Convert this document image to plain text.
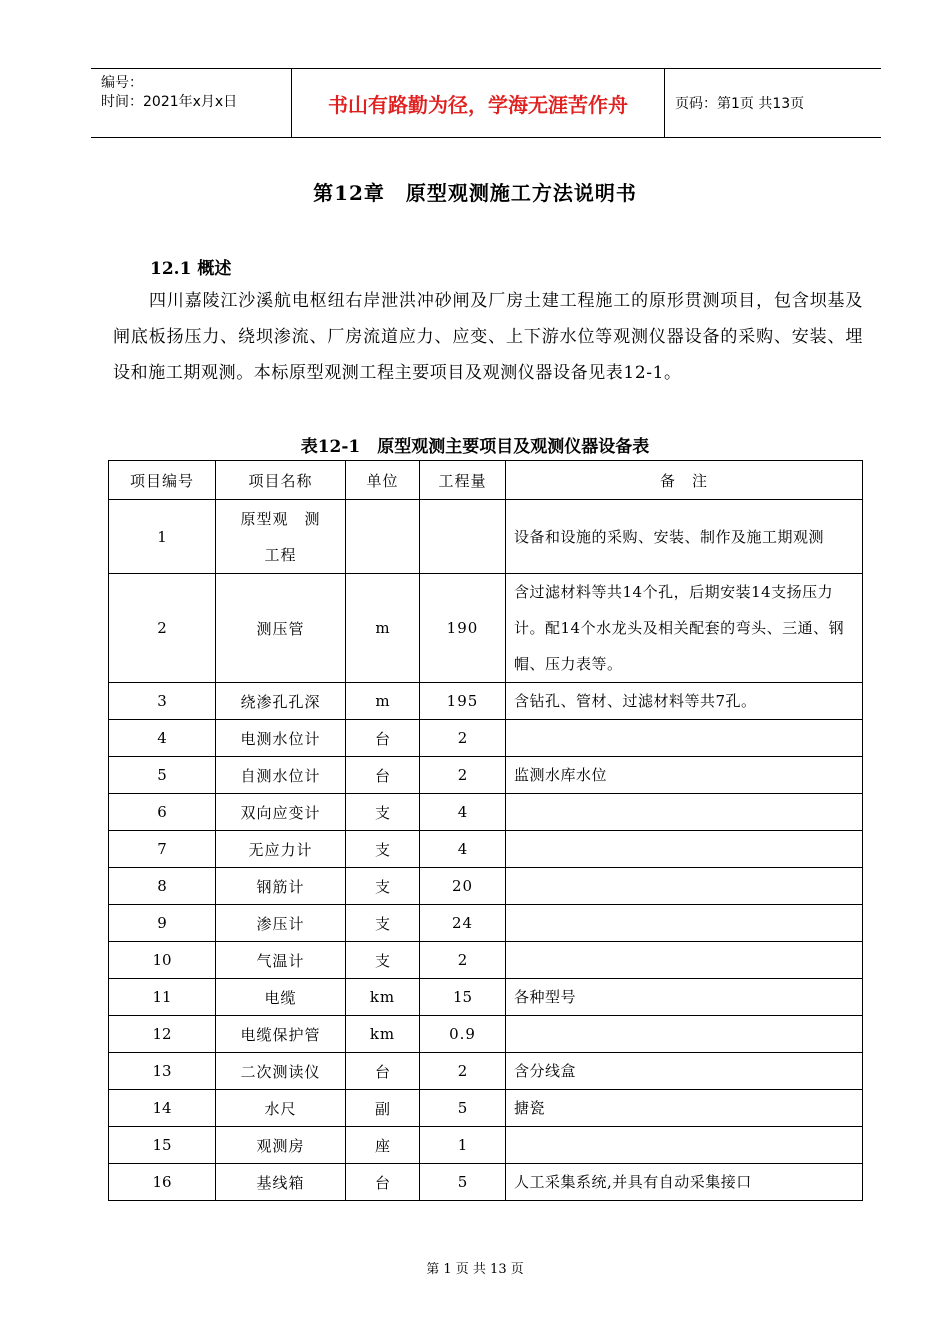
编号：
时间：2021年x月x日	书山有路勤为径，学海无涯苦作舟	页码：第1页 共13页
第12章　原型观测施工方法说明书
12.1 概述

四川嘉陵江沙溪航电枢纽右岸泄洪冲砂闸及厂房土建工程施工的原形贯测项目，包含坝基及闸底板扬压力、绕坝渗流、厂房流道应力、应变、上下游水位等观测仪器设备的采购、安装、埋设和施工期观测。本标原型观测工程主要项目及观测仪器设备见表12-1。

表12-1　原型观测主要项目及观测仪器设备表
项目编号	项目名称	单位	工程量	备　注
1	原型观　测工程			设备和设施的采购、安装、制作及施工期观测
2	测压管	m	190	含过滤材料等共14个孔，后期安装14支扬压力计。配14个水龙头及相关配套的弯头、三通、钢帽、压力表等。
3	绕渗孔孔深	m	195	含钻孔、管材、过滤材料等共7孔。
4	电测水位计	台	2	
5	自测水位计	台	2	监测水库水位
6	双向应变计	支	4	
7	无应力计	支	4	
8	钢筋计	支	20	
9	渗压计	支	24	
10	气温计	支	2	
11	电缆	km	15	各种型号
12	电缆保护管	km	0.9	
13	二次测读仪	台	2	含分线盒
14	水尺	副	5	搪瓷
15	观测房	座	1	
16	基线箱	台	5	人工采集系统,并具有自动采集接口
第 1 页 共 13 页
